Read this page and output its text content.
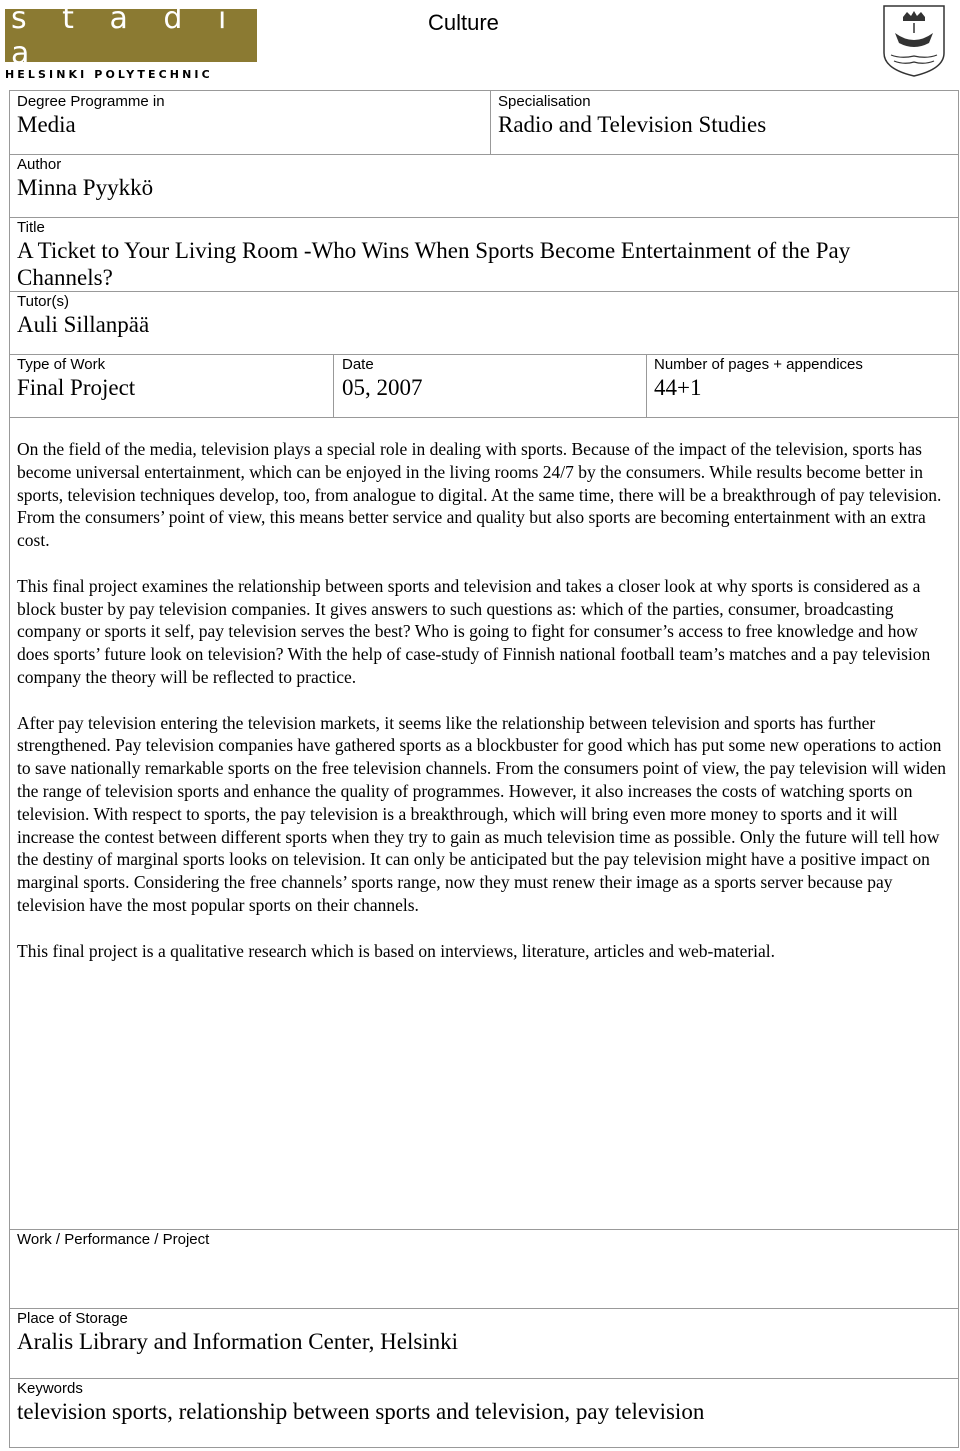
s t a d i a
HELSINKI POLYTECHNIC
Culture
Degree Programme in
Media
Specialisation
Radio and Television Studies
Author
Minna Pyykkö
Title
A Ticket to Your Living Room -Who Wins When Sports Become Entertainment of the Pay Channels?
Tutor(s)
Auli Sillanpää
Type of Work
Final Project
Date
05, 2007
Number of pages + appendices
44+1

On the field of the media, television plays a special role in dealing with sports. Because of the impact of the television, sports has become universal entertainment, which can be enjoyed in the living rooms 24/7 by the consumers. While results become better in sports, television techniques develop, too, from analogue to digital. At the same time, there will be a breakthrough of pay television. From the consumers’ point of view, this means better service and quality but also sports are becoming entertainment with an extra cost.

This final project examines the relationship between sports and television and takes a closer look at why sports is considered as a block buster by pay television companies. It gives answers to such questions as: which of the parties, consumer, broadcasting company or sports it self, pay television serves the best? Who is going to fight for consumer’s access to free knowledge and how does sports’ future look on television? With the help of case-study of Finnish national football team’s matches and a pay television company the theory will be reflected to practice.

After pay television entering the television markets, it seems like the relationship between television and sports has further strengthened. Pay television companies have gathered sports as a blockbuster for good which has put some new operations to action to save nationally remarkable sports on the free television channels. From the consumers point of view, the pay television will widen the range of television sports and enhance the quality of programmes. However, it also increases the costs of watching sports on television. With respect to sports, the pay television is a breakthrough, which will bring even more money to sports and it will increase the contest between different sports when they try to gain as much television time as possible. Only the future will tell how the destiny of marginal sports looks on television. It can only be anticipated but the pay television might have a positive impact on marginal sports. Considering the free channels’ sports range, now they must renew their image as a sports server because pay television have the most popular sports on their channels.

This final project is a qualitative research which is based on interviews, literature, articles and web-material.

Work / Performance / Project
Place of Storage
Aralis Library and Information Center, Helsinki
Keywords
television sports, relationship between sports and television, pay television
